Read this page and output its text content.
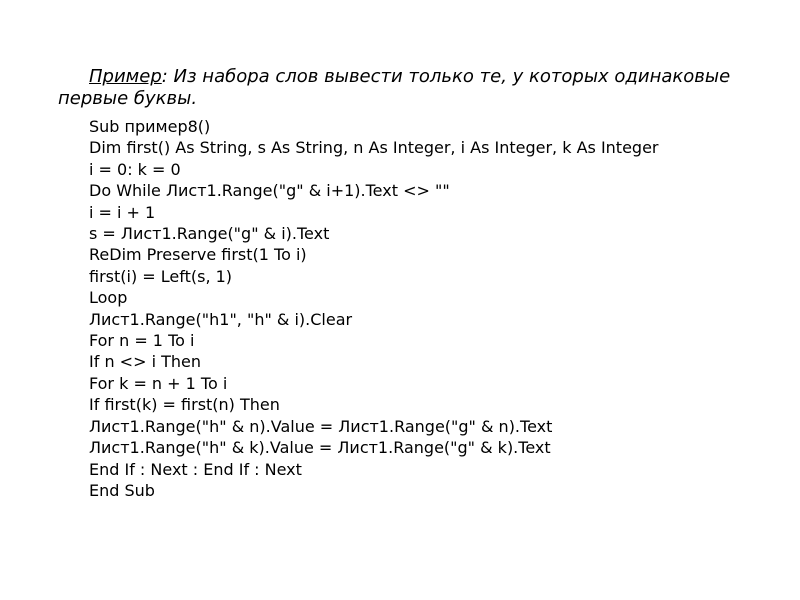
Пример: Из набора слов вывести только те, у которых одинаковые первые буквы.
Sub пример8()
Dim first() As String, s As String, n As Integer, i As Integer, k As Integer
i = 0: k = 0
Do While Лист1.Range("g" & i+1).Text <> ""
i = i + 1
s = Лист1.Range("g" & i).Text
ReDim Preserve first(1 To i)
first(i) = Left(s, 1)
Loop
Лист1.Range("h1", "h" & i).Clear
For n = 1 To i
If n <> i Then
For k = n + 1 To i
If first(k) = first(n) Then
Лист1.Range("h" & n).Value = Лист1.Range("g" & n).Text
Лист1.Range("h" & k).Value = Лист1.Range("g" & k).Text
End If : Next : End If : Next
End Sub
